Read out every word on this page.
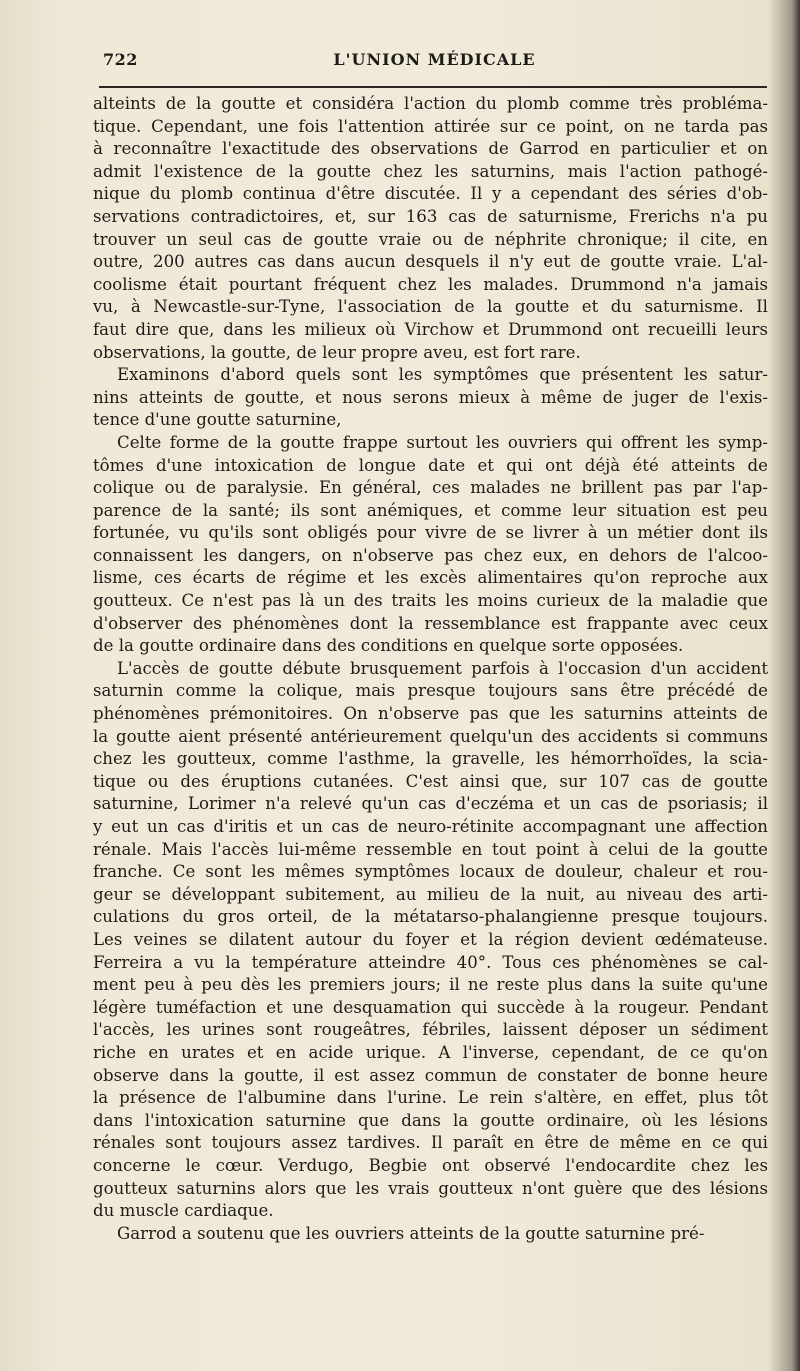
722	L'UNION MÉDICALE
alteints de la goutte et considéra l'action du plomb comme très probléma-
tique. Cependant, une fois l'attention attirée sur ce point, on ne tarda pas
à reconnaître l'exactitude des observations de Garrod en particulier et on
admit l'existence de la goutte chez les saturnins, mais l'action pathogé-
nique du plomb continua d'être discutée. Il y a cependant des séries d'ob-
servations contradictoires, et, sur 163 cas de saturnisme, Frerichs n'a pu
trouver un seul cas de goutte vraie ou de néphrite chronique; il cite, en
outre, 200 autres cas dans aucun desquels il n'y eut de goutte vraie. L'al-
coolisme était pourtant fréquent chez les malades. Drummond n'a jamais
vu, à Newcastle-sur-Tyne, l'association de la goutte et du saturnisme. Il
faut dire que, dans les milieux où Virchow et Drummond ont recueilli leurs
observations, la goutte, de leur propre aveu, est fort rare.
Examinons d'abord quels sont les symptômes que présentent les satur-
nins atteints de goutte, et nous serons mieux à même de juger de l'exis-
tence d'une goutte saturnine,
Celte forme de la goutte frappe surtout les ouvriers qui offrent les symp-
tômes d'une intoxication de longue date et qui ont déjà été atteints de
colique ou de paralysie. En général, ces malades ne brillent pas par l'ap-
parence de la santé; ils sont anémiques, et comme leur situation est peu
fortunée, vu qu'ils sont obligés pour vivre de se livrer à un métier dont ils
connaissent les dangers, on n'observe pas chez eux, en dehors de l'alcoo-
lisme, ces écarts de régime et les excès alimentaires qu'on reproche aux
goutteux. Ce n'est pas là un des traits les moins curieux de la maladie que
d'observer des phénomènes dont la ressemblance est frappante avec ceux
de la goutte ordinaire dans des conditions en quelque sorte opposées.
L'accès de goutte débute brusquement parfois à l'occasion d'un accident
saturnin comme la colique, mais presque toujours sans être précédé de
phénomènes prémonitoires. On n'observe pas que les saturnins atteints de
la goutte aient présenté antérieurement quelqu'un des accidents si communs
chez les goutteux, comme l'asthme, la gravelle, les hémorrhoïdes, la scia-
tique ou des éruptions cutanées. C'est ainsi que, sur 107 cas de goutte
saturnine, Lorimer n'a relevé qu'un cas d'eczéma et un cas de psoriasis; il
y eut un cas d'iritis et un cas de neuro-rétinite accompagnant une affection
rénale. Mais l'accès lui-même ressemble en tout point à celui de la goutte
franche. Ce sont les mêmes symptômes locaux de douleur, chaleur et rou-
geur se développant subitement, au milieu de la nuit, au niveau des arti-
culations du gros orteil, de la métatarso-phalangienne presque toujours.
Les veines se dilatent autour du foyer et la région devient œdémateuse.
Ferreira a vu la température atteindre 40°. Tous ces phénomènes se cal-
ment peu à peu dès les premiers jours; il ne reste plus dans la suite qu'une
légère tuméfaction et une desquamation qui succède à la rougeur. Pendant
l'accès, les urines sont rougeâtres, fébriles, laissent déposer un sédiment
riche en urates et en acide urique. A l'inverse, cependant, de ce qu'on
observe dans la goutte, il est assez commun de constater de bonne heure
la présence de l'albumine dans l'urine. Le rein s'altère, en effet, plus tôt
dans l'intoxication saturnine que dans la goutte ordinaire, où les lésions
rénales sont toujours assez tardives. Il paraît en être de même en ce qui
concerne le cœur. Verdugo, Begbie ont observé l'endocardite chez les
goutteux saturnins alors que les vrais goutteux n'ont guère que des lésions
du muscle cardiaque.
Garrod a soutenu que les ouvriers atteints de la goutte saturnine pré-
